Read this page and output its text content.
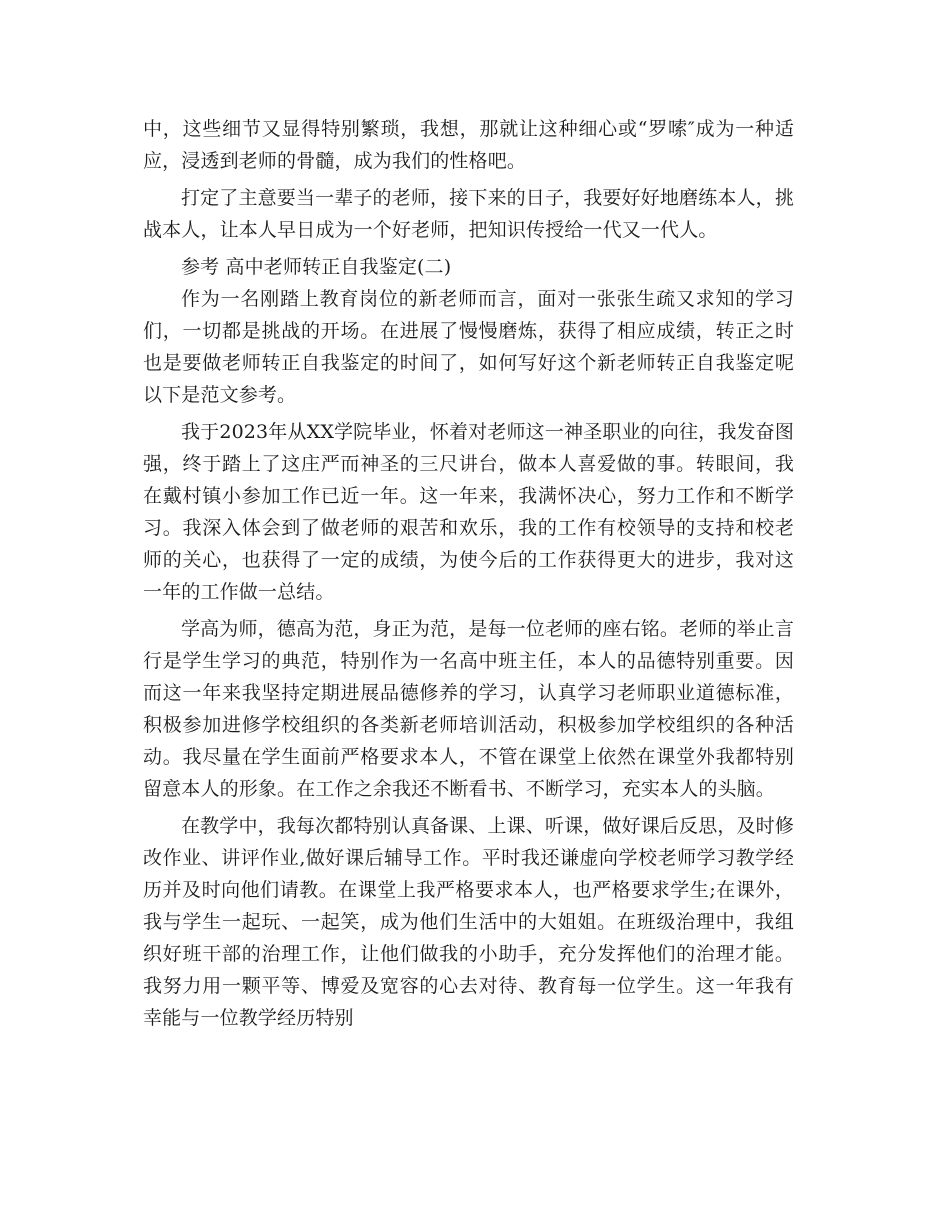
中，这些细节又显得特别繁琐，我想，那就让这种细心或“罗嗦″成为一种适应，浸透到老师的骨髓，成为我们的性格吧。

打定了主意要当一辈子的老师，接下来的日子，我要好好地磨练本人，挑战本人，让本人早日成为一个好老师，把知识传授给一代又一代人。

参考 高中老师转正自我鉴定(二)

作为一名刚踏上教育岗位的新老师而言，面对一张张生疏又求知的学习们，一切都是挑战的开场。在进展了慢慢磨炼，获得了相应成绩，转正之时也是要做老师转正自我鉴定的时间了，如何写好这个新老师转正自我鉴定呢以下是范文参考。

我于2023年从XX学院毕业，怀着对老师这一神圣职业的向往，我发奋图强，终于踏上了这庄严而神圣的三尺讲台，做本人喜爱做的事。转眼间，我在戴村镇小参加工作已近一年。这一年来，我满怀决心，努力工作和不断学习。我深入体会到了做老师的艰苦和欢乐，我的工作有校领导的支持和校老师的关心，也获得了一定的成绩，为使今后的工作获得更大的进步，我对这一年的工作做一总结。

学高为师，德高为范，身正为范，是每一位老师的座右铭。老师的举止言行是学生学习的典范，特别作为一名高中班主任，本人的品德特别重要。因而这一年来我坚持定期进展品德修养的学习，认真学习老师职业道德标准，积极参加进修学校组织的各类新老师培训活动，积极参加学校组织的各种活动。我尽量在学生面前严格要求本人，不管在课堂上依然在课堂外我都特别留意本人的形象。在工作之余我还不断看书、不断学习，充实本人的头脑。

在教学中，我每次都特别认真备课、上课、听课，做好课后反思，及时修改作业、讲评作业,做好课后辅导工作。平时我还谦虚向学校老师学习教学经历并及时向他们请教。在课堂上我严格要求本人，也严格要求学生;在课外，我与学生一起玩、一起笑，成为他们生活中的大姐姐。在班级治理中，我组织好班干部的治理工作，让他们做我的小助手，充分发挥他们的治理才能。我努力用一颗平等、博爱及宽容的心去对待、教育每一位学生。这一年我有幸能与一位教学经历特别
